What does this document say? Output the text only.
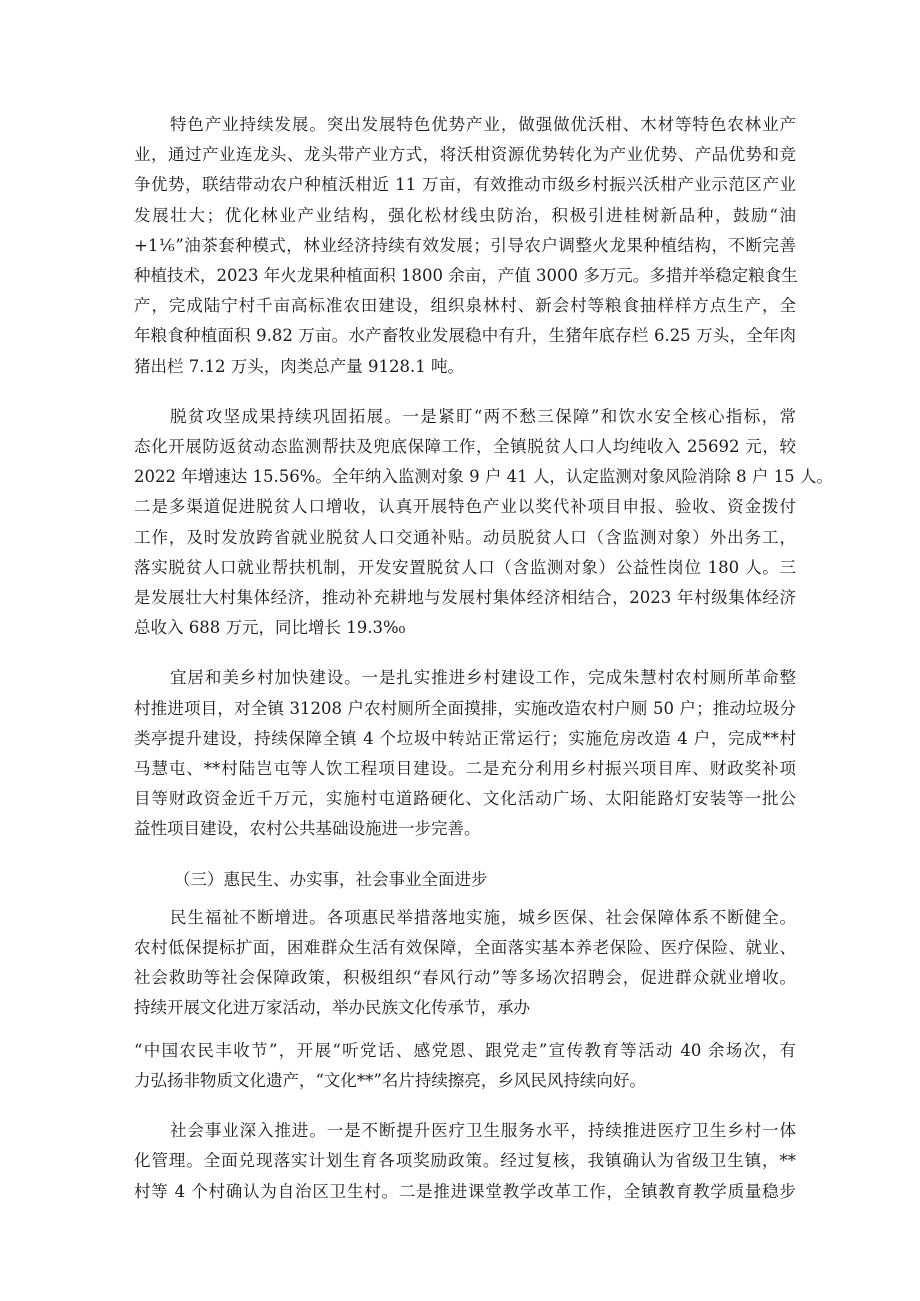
特色产业持续发展。突出发展特色优势产业，做强做优沃柑、木材等特色农林业产
业，通过产业连龙头、龙头带产业方式，将沃柑资源优势转化为产业优势、产品优势和竞
争优势，联结带动农户种植沃柑近 11 万亩，有效推动市级乡村振兴沃柑产业示范区产业
发展壮大；优化林业产业结构，强化松材线虫防治，积极引进桂树新品种，鼓励“油
+1⅙”油茶套种模式，林业经济持续有效发展；引导农户调整火龙果种植结构，不断完善
种植技术，2023 年火龙果种植面积 1800 余亩，产值 3000 多万元。多措并举稳定粮食生
产，完成陆宁村千亩高标准农田建设，组织泉林村、新会村等粮食抽样样方点生产，全
年粮食种植面积 9.82 万亩。水产畜牧业发展稳中有升，生猪年底存栏 6.25 万头，全年肉
猪出栏 7.12 万头，肉类总产量 9128.1 吨。
脱贫攻坚成果持续巩固拓展。一是紧盯“两不愁三保障”和饮水安全核心指标，常
态化开展防返贫动态监测帮扶及兜底保障工作，全镇脱贫人口人均纯收入 25692 元，较
2022 年增速达 15.56%。全年纳入监测对象 9 户 41 人，认定监测对象风险消除 8 户 15 人。
二是多渠道促进脱贫人口增收，认真开展特色产业以奖代补项目申报、验收、资金拨付
工作，及时发放跨省就业脱贫人口交通补贴。动员脱贫人口（含监测对象）外出务工，
落实脱贫人口就业帮扶机制，开发安置脱贫人口（含监测对象）公益性岗位 180 人。三
是发展壮大村集体经济，推动补充耕地与发展村集体经济相结合，2023 年村级集体经济
总收入 688 万元，同比增长 19.3%₀
宜居和美乡村加快建设。一是扎实推进乡村建设工作，完成朱慧村农村厕所革命整
村推进项目，对全镇 31208 户农村厕所全面摸排，实施改造农村户厕 50 户；推动垃圾分
类亭提升建设，持续保障全镇 4 个垃圾中转站正常运行；实施危房改造 4 户，完成**村
马慧屯、**村陆岂屯等人饮工程项目建设。二是充分利用乡村振兴项目库、财政奖补项
目等财政资金近千万元，实施村屯道路硬化、文化活动广场、太阳能路灯安装等一批公
益性项目建设，农村公共基础设施进一步完善。
（三）惠民生、办实事，社会事业全面进步
民生福祉不断增进。各项惠民举措落地实施，城乡医保、社会保障体系不断健全。
农村低保提标扩面，困难群众生活有效保障，全面落实基本养老保险、医疗保险、就业、
社会救助等社会保障政策，积极组织“春风行动”等多场次招聘会，促进群众就业增收。
持续开展文化进万家活动，举办民族文化传承节，承办
“中国农民丰收节”，开展“听党话、感党恩、跟党走”宣传教育等活动 40 余场次，有
力弘扬非物质文化遗产，“文化**”名片持续擦亮，乡风民风持续向好。
社会事业深入推进。一是不断提升医疗卫生服务水平，持续推进医疗卫生乡村一体
化管理。全面兑现落实计划生育各项奖励政策。经过复核，我镇确认为省级卫生镇，**
村等 4 个村确认为自治区卫生村。二是推进课堂教学改革工作，全镇教育教学质量稳步
